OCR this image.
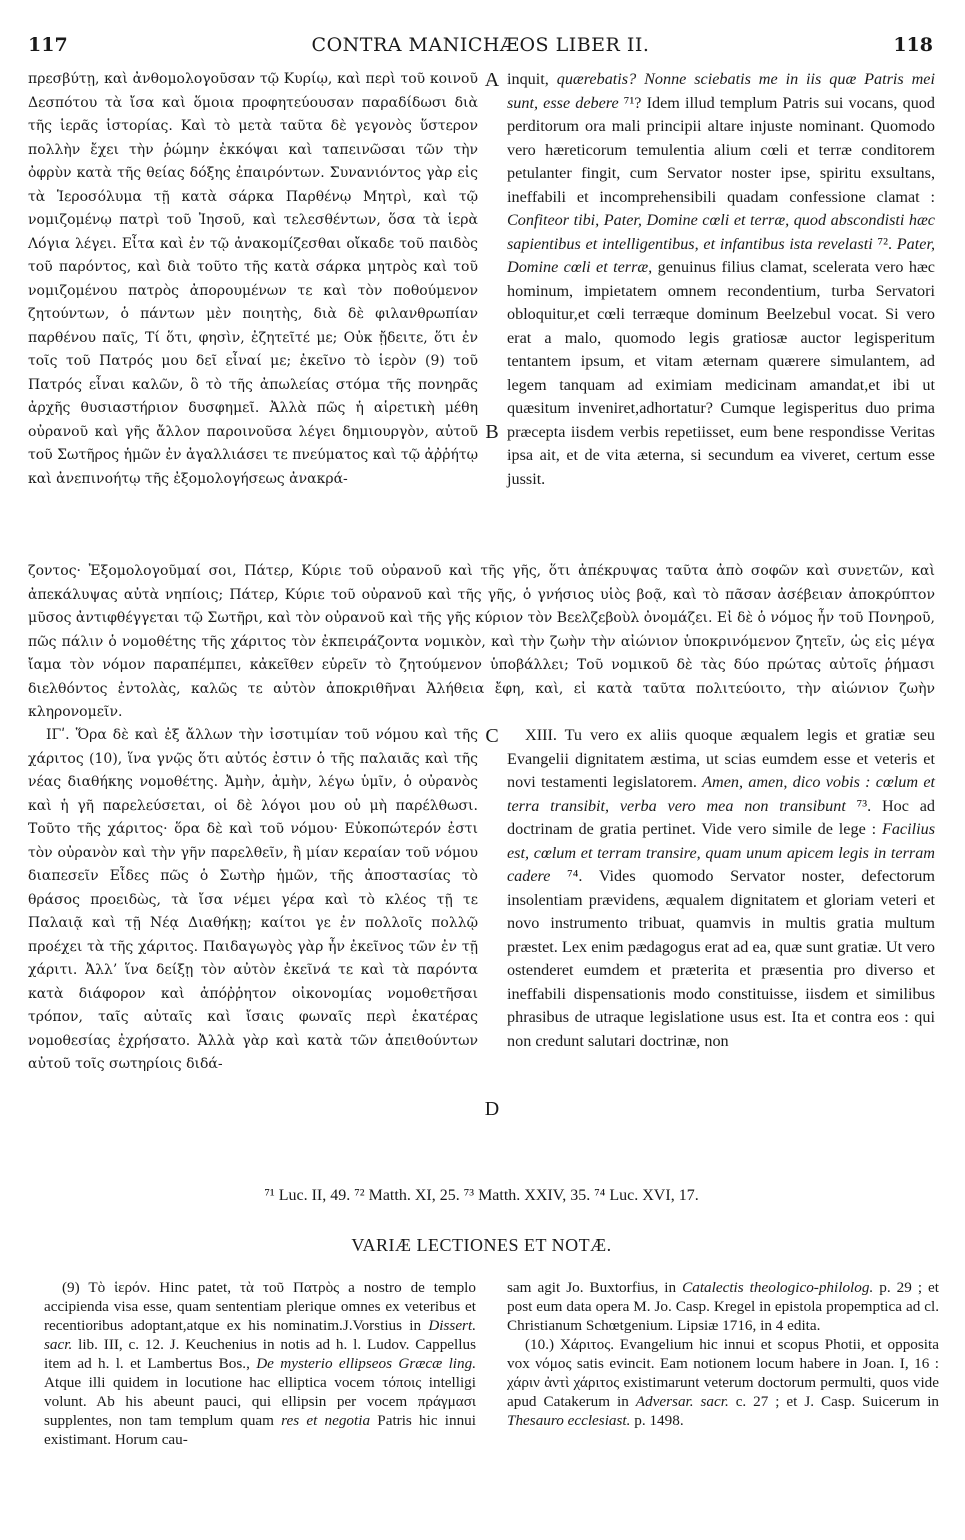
117	CONTRA MANICHÆOS LIBER II.	118

πρεσβύτῃ, καὶ ἀνθομολογοῦσαν τῷ Κυρίῳ, καὶ περὶ τοῦ κοινοῦ Δεσπότου τὰ ἴσα καὶ ὅμοια προφητεύουσαν παραδίδωσι διὰ τῆς ἱερᾶς ἱστορίας. Καὶ τὸ μετὰ ταῦτα δὲ γεγονὸς ὕστερον πολλὴν ἔχει τὴν ῥώμην ἐκκόψαι καὶ ταπεινῶσαι τῶν τὴν ὀφρὺν κατὰ τῆς θείας δόξης ἐπαιρόντων. Συνανιόντος γὰρ εἰς τὰ Ἱεροσόλυμα τῇ κατὰ σάρκα Παρθένῳ Μητρὶ, καὶ τῷ νομιζομένῳ πατρὶ τοῦ Ἰησοῦ, καὶ τελεσθέντων, ὅσα τὰ ἱερὰ Λόγια λέγει. Εἶτα καὶ ἐν τῷ ἀνακομίζεσθαι οἴκαδε τοῦ παιδὸς τοῦ παρόντος, καὶ διὰ τοῦτο τῆς κατὰ σάρκα μητρὸς καὶ τοῦ νομιζομένου πατρὸς ἀπορουμένων τε καὶ τὸν ποθούμενον ζητούντων, ὁ πάντων μὲν ποιητὴς, διὰ δὲ φιλανθρωπίαν παρθένου παῖς, Τί ὅτι, φησὶν, ἐζητεῖτέ με; Οὐκ ᾔδειτε, ὅτι ἐν τοῖς τοῦ Πατρός μου δεῖ εἶναί με; ἐκεῖνο τὸ ἱερὸν (9) τοῦ Πατρός εἶναι καλῶν, ὃ τὸ τῆς ἀπωλείας στόμα τῆς πονηρᾶς ἀρχῆς θυσιαστήριον δυσφημεῖ. Ἀλλὰ πῶς ἡ αἱρετικὴ μέθη οὐρανοῦ καὶ γῆς ἄλλον παροινοῦσα λέγει δημιουργὸν, αὐτοῦ τοῦ Σωτῆρος ἡμῶν ἐν ἀγαλλιάσει τε πνεύματος καὶ τῷ ἀῤῥήτῳ καὶ ἀνεπινοήτῳ τῆς ἐξομολογήσεως ἀνακρά-

A
B

inquit, quærebatis? Nonne sciebatis me in iis quæ Patris mei sunt, esse debere ⁷¹? Idem illud templum Patris sui vocans, quod perditorum ora mali principii altare injuste nominant. Quomodo vero hæreticorum temulentia alium cœli et terræ conditorem petulanter fingit, cum Servator noster ipse, spiritu exsultans, ineffabili et incomprehensibili quadam confessione clamat : Confiteor tibi, Pater, Domine cœli et terræ, quod abscondisti hæc sapientibus et intelligentibus, et infantibus ista revelasti ⁷². Pater, Domine cœli et terræ, genuinus filius clamat, scelerata vero hæc hominum, impietatem omnem recondentium, turba Servatori obloquitur,et cœli terræque dominum Beelzebul vocat. Si vero erat a malo, quomodo legis gratiosæ auctor legisperitum tentantem ipsum, et vitam æternam quærere simulantem, ad legem tanquam ad eximiam medicinam amandat,et ibi ut quæsitum inveniret,adhortatur? Cumque legisperitus duo prima præcepta iisdem verbis repetiisset, eum bene respondisse Veritas ipsa ait, et de vita æterna, si secundum ea viveret, certum esse jussit.

ζοντος· Ἐξομολογοῦμαί σοι, Πάτερ, Κύριε τοῦ οὐρανοῦ καὶ τῆς γῆς, ὅτι ἀπέκρυψας ταῦτα ἀπὸ σοφῶν καὶ συνετῶν, καὶ ἀπεκάλυψας αὐτὰ νηπίοις; Πάτερ, Κύριε τοῦ οὐρανοῦ καὶ τῆς γῆς, ὁ γνήσιος υἱὸς βοᾷ, καὶ τὸ πᾶσαν ἀσέβειαν ἀποκρύπτον μῦσος ἀντιφθέγγεται τῷ Σωτῆρι, καὶ τὸν οὐρανοῦ καὶ τῆς γῆς κύριον τὸν Βεελζεβοὺλ ὀνομάζει. Εἰ δὲ ὁ νόμος ἦν τοῦ Πονηροῦ, πῶς πάλιν ὁ νομοθέτης τῆς χάριτος τὸν ἐκπειράζοντα νομικὸν, καὶ τὴν ζωὴν τὴν αἰώνιον ὑποκρινόμενον ζητεῖν, ὡς εἰς μέγα ἴαμα τὸν νόμον παραπέμπει, κἀκεῖθεν εὑρεῖν τὸ ζητούμενον ὑποβάλλει; Τοῦ νομικοῦ δὲ τὰς δύο πρώτας αὐτοῖς ῥήμασι διελθόντος ἐντολὰς, καλῶς τε αὐτὸν ἀποκριθῆναι Ἀλήθεια ἔφη, καὶ, εἰ κατὰ ταῦτα πολιτεύοιτο, τὴν αἰώνιον ζωὴν κληρονομεῖν.

ΙΓʹ. Ὅρα δὲ καὶ ἐξ ἄλλων τὴν ἰσοτιμίαν τοῦ νόμου καὶ τῆς χάριτος (10), ἵνα γνῷς ὅτι αὐτός ἐστιν ὁ τῆς παλαιᾶς καὶ τῆς νέας διαθήκης νομοθέτης. Ἀμὴν, ἀμὴν, λέγω ὑμῖν, ὁ οὐρανὸς καὶ ἡ γῆ παρελεύσεται, οἱ δὲ λόγοι μου οὐ μὴ παρέλθωσι. Τοῦτο τῆς χάριτος· ὅρα δὲ καὶ τοῦ νόμου· Εὐκοπώτερόν ἐστι τὸν οὐρανὸν καὶ τὴν γῆν παρελθεῖν, ἢ μίαν κεραίαν τοῦ νόμου διαπεσεῖν Εἶδες πῶς ὁ Σωτὴρ ἡμῶν, τῆς ἀποστασίας τὸ θράσος προειδὼς, τὰ ἴσα νέμει γέρα καὶ τὸ κλέος τῇ τε Παλαιᾷ καὶ τῇ Νέᾳ Διαθήκῃ; καίτοι γε ἐν πολλοῖς πολλῷ προέχει τὰ τῆς χάριτος. Παιδαγωγὸς γὰρ ἦν ἐκεῖνος τῶν ἐν τῇ χάριτι. Ἀλλ’ ἵνα δείξῃ τὸν αὐτὸν ἐκεῖνά τε καὶ τὰ παρόντα κατὰ διάφορον καὶ ἀπόῤῥητον οἰκονομίας νομοθετῆσαι τρόπον, ταῖς αὐταῖς καὶ ἴσαις φωναῖς περὶ ἑκατέρας νομοθεσίας ἐχρήσατο. Ἀλλὰ γὰρ καὶ κατὰ τῶν ἀπειθούντων αὐτοῦ τοῖς σωτηρίοις διδά-

C
D

XIII. Tu vero ex aliis quoque æqualem legis et gratiæ seu Evangelii dignitatem æstima, ut scias eumdem esse et veteris et novi testamenti legislatorem. Amen, amen, dico vobis : cœlum et terra transibit, verba vero mea non transibunt ⁷³. Hoc ad doctrinam de gratia pertinet. Vide vero simile de lege : Facilius est, cœlum et terram transire, quam unum apicem legis in terram cadere ⁷⁴. Vides quomodo Servator noster, defectorum insolentiam prævidens, æqualem dignitatem et gloriam veteri et novo instrumento tribuat, quamvis in multis gratia multum præstet. Lex enim pædagogus erat ad ea, quæ sunt gratiæ. Ut vero ostenderet eumdem et præterita et præsentia pro diverso et ineffabili dispensationis modo constituisse, iisdem et similibus phrasibus de utraque legislatione usus est. Ita et contra eos : qui non credunt salutari doctrinæ, non

⁷¹ Luc. II, 49. ⁷² Matth. XI, 25. ⁷³ Matth. XXIV, 35. ⁷⁴ Luc. XVI, 17.
VARIÆ LECTIONES ET NOTÆ.

(9) Τὸ ἱερόν. Hinc patet, τὰ τοῦ Πατρὸς a nostro de templo accipienda visa esse, quam sententiam plerique omnes ex veteribus et recentioribus adoptant,atque ex his nominatim.J.Vorstius in Dissert. sacr. lib. III, c. 12. J. Keuchenius in notis ad h. l. Ludov. Cappellus item ad h. l. et Lambertus Bos., De mysterio ellipseos Græcæ ling. Atque illi quidem in locutione hac elliptica vocem τόποις intelligi volunt. Ab his abeunt pauci, qui ellipsin per vocem πράγμασι supplentes, non tam templum quam res et negotia Patris hic innui existimant. Horum cau-

sam agit Jo. Buxtorfius, in Catalectis theologico-philolog. p. 29 ; et post eum data opera M. Jo. Casp. Kregel in epistola propemptica ad cl. Christianum Schœtgenium. Lipsiæ 1716, in 4 edita.

(10.) Χάριτος. Evangelium hic innui et scopus Photii, et opposita vox νόμος satis evincit. Eam notionem locum habere in Joan. I, 16 : χάριν ἀντὶ χάριτος existimarunt veterum doctorum permulti, quos vide apud Catakerum in Adversar. sacr. c. 27 ; et J. Casp. Suicerum in Thesauro ecclesiast. p. 1498.
